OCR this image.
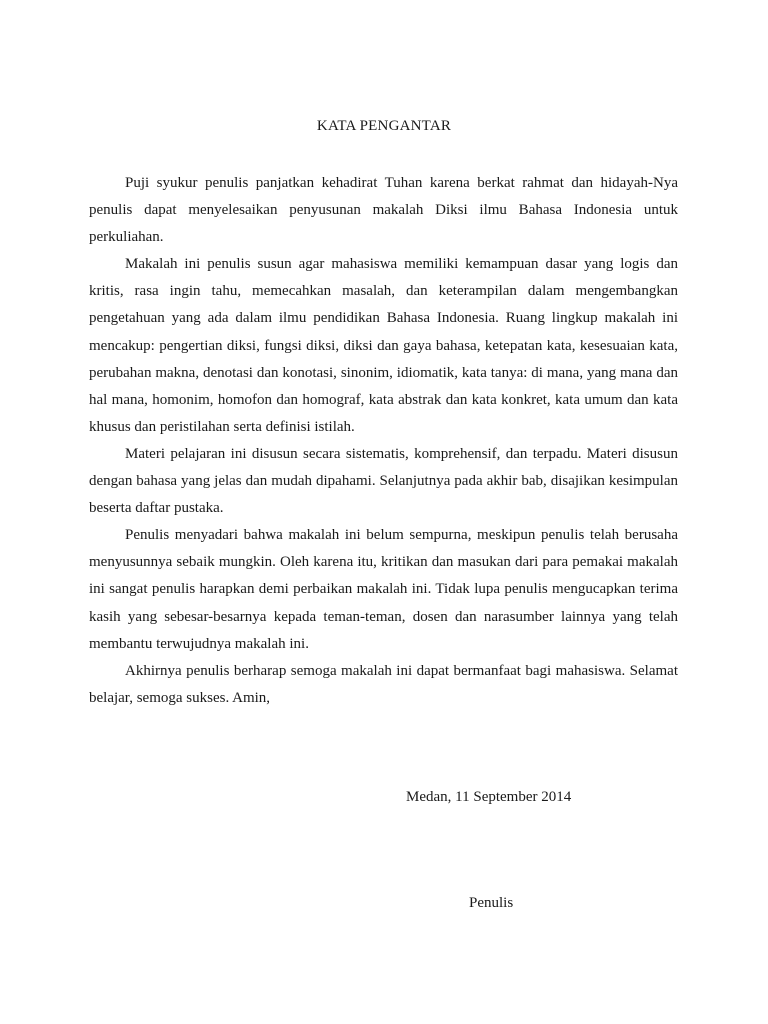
KATA PENGANTAR

Puji syukur penulis panjatkan kehadirat Tuhan karena berkat rahmat dan hidayah-Nya penulis dapat menyelesaikan penyusunan makalah Diksi ilmu Bahasa Indonesia untuk perkuliahan.

Makalah ini penulis susun agar mahasiswa memiliki kemampuan dasar yang logis dan kritis, rasa ingin tahu, memecahkan masalah, dan keterampilan dalam mengembangkan pengetahuan yang ada dalam ilmu pendidikan Bahasa Indonesia. Ruang lingkup makalah ini mencakup: pengertian diksi, fungsi diksi, diksi dan gaya bahasa, ketepatan kata, kesesuaian kata, perubahan makna, denotasi dan konotasi, sinonim, idiomatik, kata tanya: di mana, yang mana dan hal mana, homonim, homofon dan homograf, kata abstrak dan kata konkret, kata umum dan kata khusus dan peristilahan serta definisi istilah.

Materi pelajaran ini disusun secara sistematis, komprehensif, dan terpadu. Materi disusun dengan bahasa yang jelas dan mudah dipahami. Selanjutnya pada akhir bab, disajikan kesimpulan beserta daftar pustaka.

Penulis menyadari bahwa makalah ini belum sempurna, meskipun penulis telah berusaha menyusunnya sebaik mungkin. Oleh karena itu, kritikan dan masukan dari para pemakai makalah ini sangat penulis harapkan demi perbaikan makalah ini. Tidak lupa penulis mengucapkan terima kasih yang sebesar-besarnya kepada teman-teman, dosen dan narasumber lainnya yang telah membantu terwujudnya makalah ini.

Akhirnya penulis berharap semoga makalah ini dapat bermanfaat bagi mahasiswa. Selamat belajar, semoga sukses. Amin,

Medan, 11 September 2014

Penulis
